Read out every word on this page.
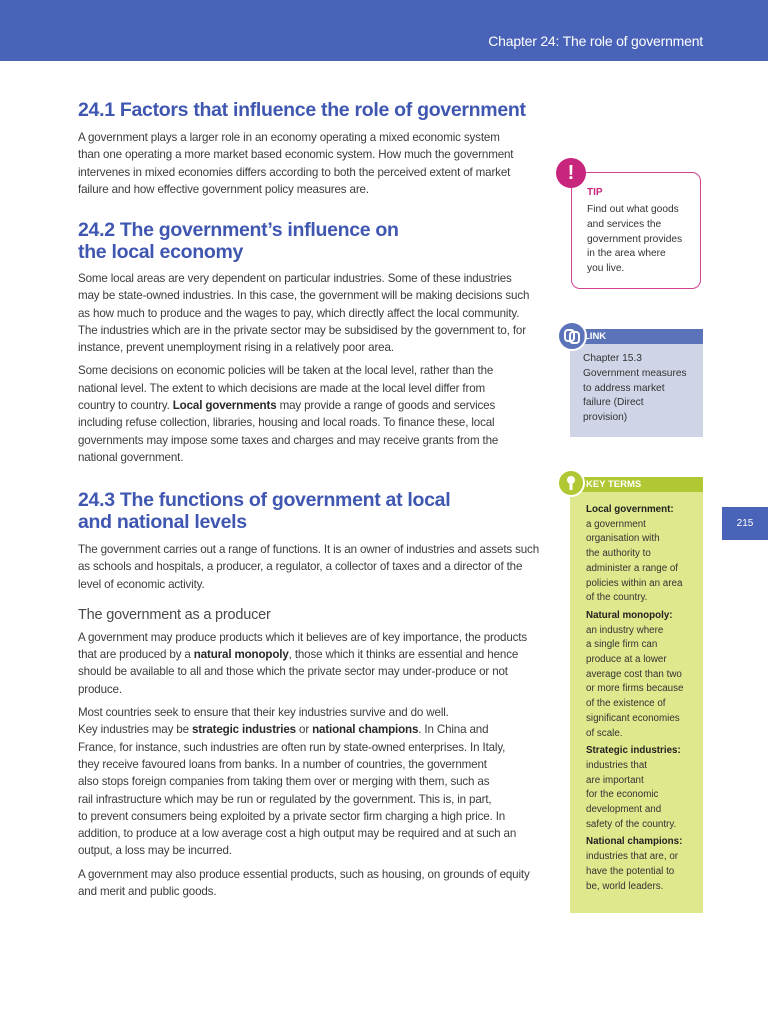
Chapter 24: The role of government
24.1 Factors that influence the role of government

A government plays a larger role in an economy operating a mixed economic system

than one operating a more market based economic system. How much the government

intervenes in mixed economies differs according to both the perceived extent of market

failure and how effective government policy measures are.

24.2 The government’s influence on
the local economy

Some local areas are very dependent on particular industries. Some of these industries

may be state-owned industries. In this case, the government will be making decisions such

as how much to produce and the wages to pay, which directly affect the local community.

The industries which are in the private sector may be subsidised by the government to, for

instance, prevent unemployment rising in a relatively poor area.

Some decisions on economic policies will be taken at the local level, rather than the

national level. The extent to which decisions are made at the local level differ from

country to country. Local governments may provide a range of goods and services

including refuse collection, libraries, housing and local roads. To finance these, local

governments may impose some taxes and charges and may receive grants from the

national government.

24.3 The functions of government at local
and national levels

The government carries out a range of functions. It is an owner of industries and assets such

as schools and hospitals, a producer, a regulator, a collector of taxes and a director of the

level of economic activity.

The government as a producer

A government may produce products which it believes are of key importance, the products

that are produced by a natural monopoly, those which it thinks are essential and hence

should be available to all and those which the private sector may under-produce or not

produce.

Most countries seek to ensure that their key industries survive and do well.

Key industries may be strategic industries or national champions. In China and

France, for instance, such industries are often run by state-owned enterprises. In Italy,

they receive favoured loans from banks. In a number of countries, the government

also stops foreign companies from taking them over or merging with them, such as

rail infrastructure which may be run or regulated by the government. This is, in part,

to prevent consumers being exploited by a private sector firm charging a high price. In

addition, to produce at a low average cost a high output may be required and at such an

output, a loss may be incurred.

A government may also produce essential products, such as housing, on grounds of equity

and merit and public goods.

!
TIP
Find out what goods
and services the
government provides
in the area where
you live.
LINK
Chapter 15.3
Government measures
to address market
failure (Direct
provision)
KEY TERMS
Local government:
a government
organisation with
the authority to
administer a range of
policies within an area
of the country.
Natural monopoly:
an industry where
a single firm can
produce at a lower
average cost than two
or more firms because
of the existence of
significant economies
of scale.
Strategic industries:
industries that
are important
for the economic
development and
safety of the country.
National champions:
industries that are, or
have the potential to
be, world leaders.
215
